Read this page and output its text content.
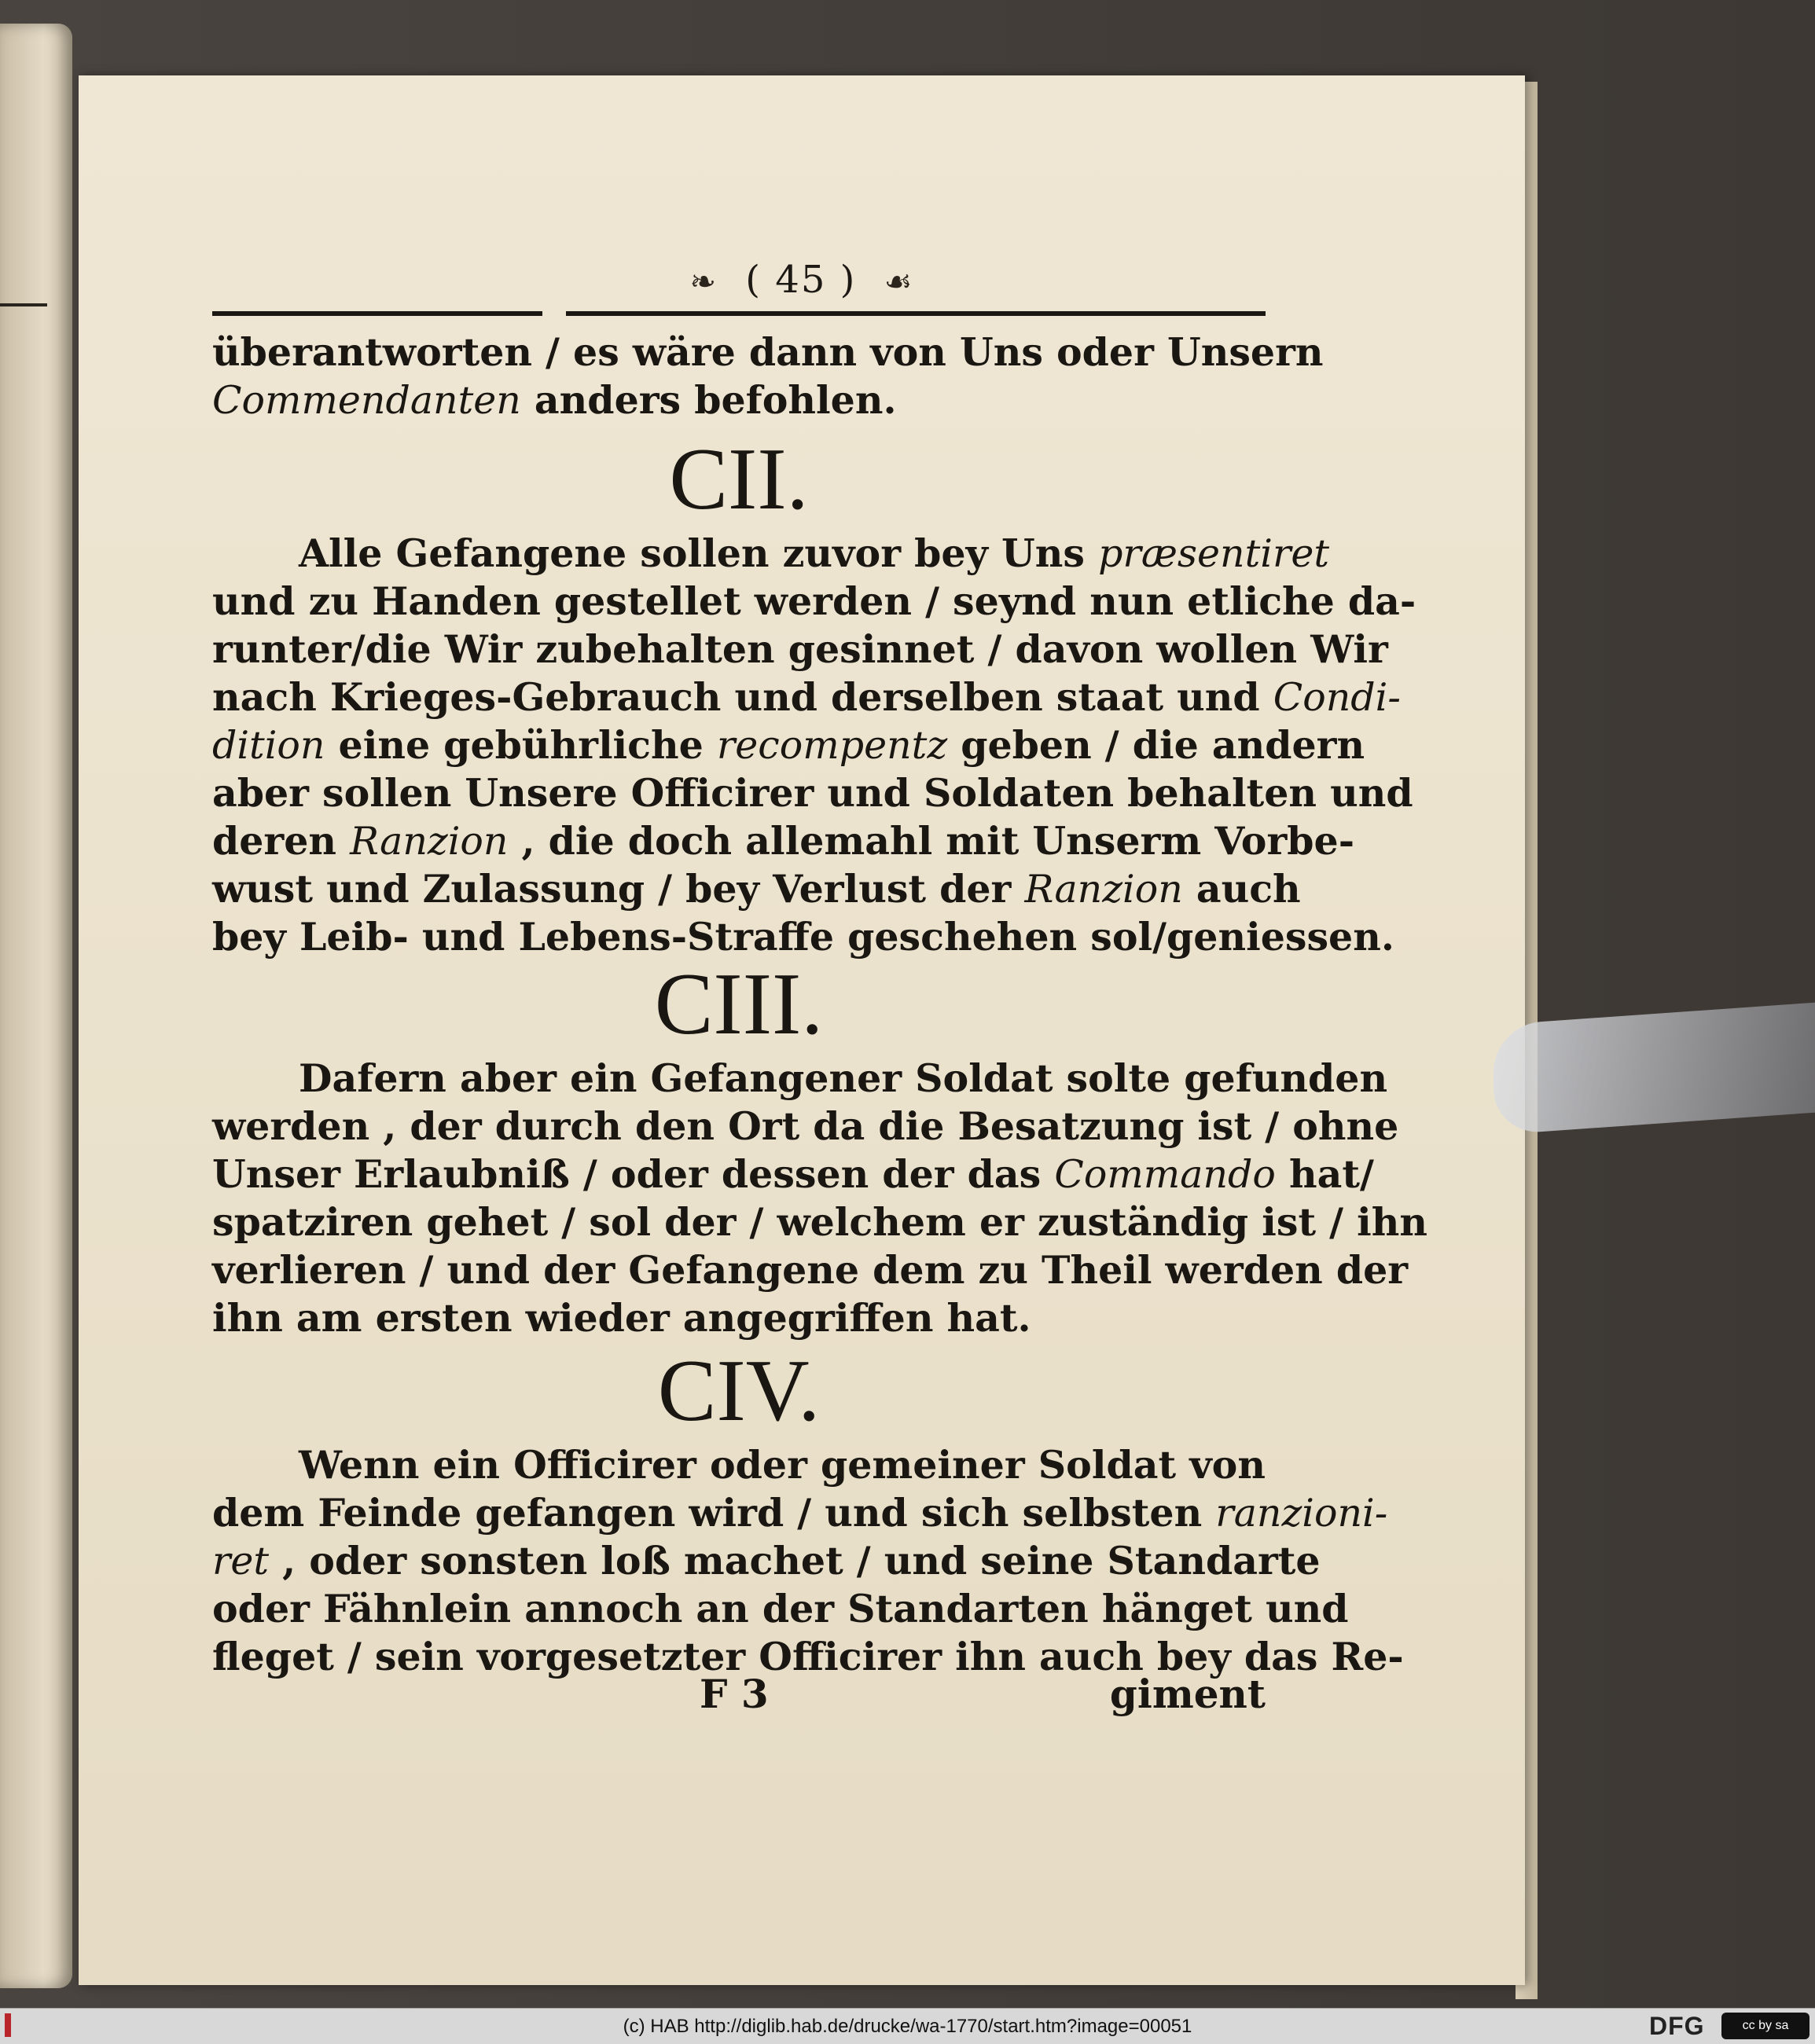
❧ ( 45 ) ☙
überantworten / es wäre dann von Uns oder Unsern
Commendanten anders befohlen.
CII.
Alle Gefangene sollen zuvor bey Uns præsentiret
und zu Handen gestellet werden / seynd nun etliche da-
runter/die Wir zubehalten gesinnet / davon wollen Wir
nach Krieges-Gebrauch und derselben staat und Condi-
dition eine gebührliche recompentz geben / die andern
aber sollen Unsere Officirer und Soldaten behalten und
deren Ranzion , die doch allemahl mit Unserm Vorbe-
wust und Zulassung / bey Verlust der Ranzion auch
bey Leib- und Lebens-Straffe geschehen sol/geniessen.
CIII.
Dafern aber ein Gefangener Soldat solte gefunden
werden , der durch den Ort da die Besatzung ist / ohne
Unser Erlaubniß / oder dessen der das Commando hat/
spatziren gehet / sol der / welchem er zuständig ist / ihn
verlieren / und der Gefangene dem zu Theil werden der
ihn am ersten wieder angegriffen hat.
CIV.
Wenn ein Officirer oder gemeiner Soldat von
dem Feinde gefangen wird / und sich selbsten ranzioni-
ret , oder sonsten loß machet / und seine Standarte
oder Fähnlein annoch an der Standarten hänget und
fleget / sein vorgesetzter Officirer ihn auch bey das Re-
F 3	giment
(c) HAB http://diglib.hab.de/drucke/wa-1770/start.htm?image=00051	DFG	cc by sa
